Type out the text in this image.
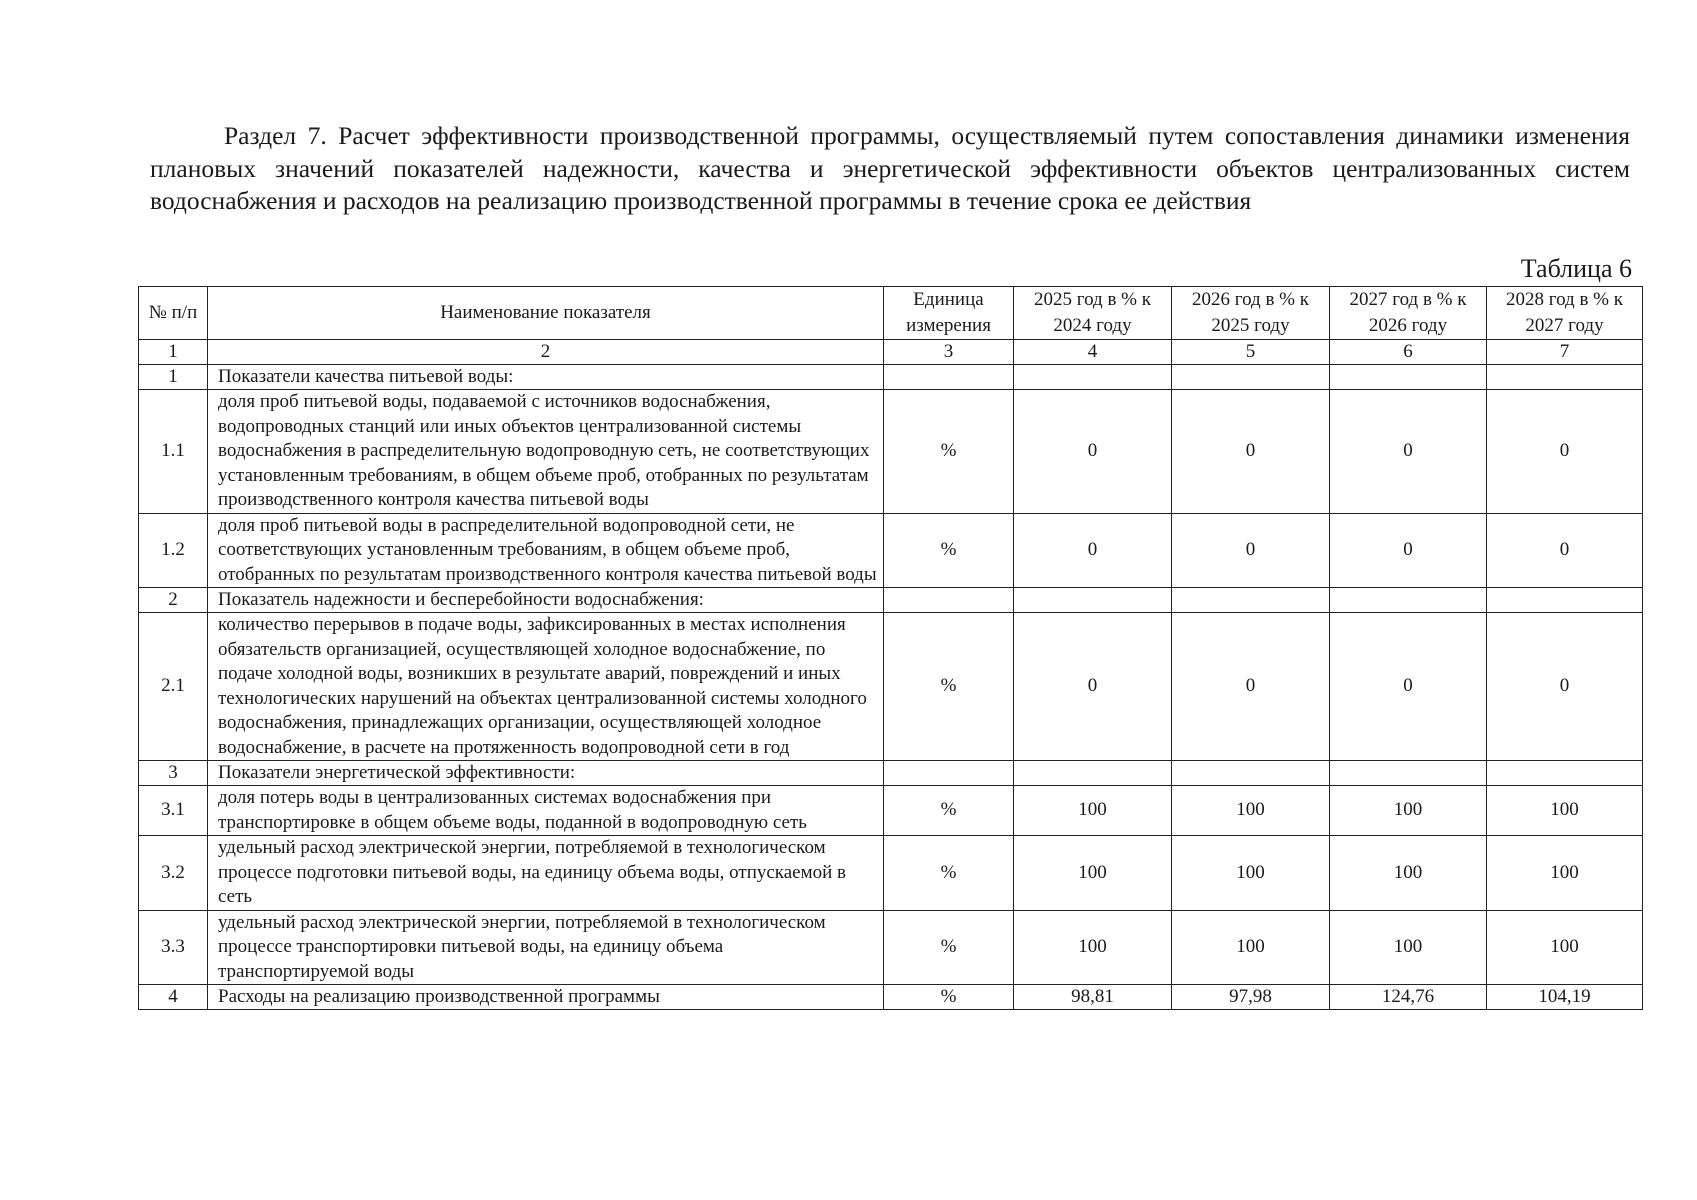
Раздел 7. Расчет эффективности производственной программы, осуществляемый путем сопоставления динамики изменения плановых значений показателей надежности, качества и энергетической эффективности объектов централизованных систем водоснабжения и расходов на реализацию производственной программы в течение срока ее действия

Таблица 6
№ п/п	Наименование показателя	Единица измерения	2025 год в % к 2024 году	2026 год в % к 2025 году	2027 год в % к 2026 году	2028 год в % к 2027 году
1	2	3	4	5	6	7
1	Показатели качества питьевой воды:					
1.1	доля проб питьевой воды, подаваемой с источников водоснабжения, водопроводных станций или иных объектов централизованной системы водоснабжения в распределительную водопроводную сеть, не соответствующих установленным требованиям, в общем объеме проб, отобранных по результатам производственного контроля качества питьевой воды	%	0	0	0	0
1.2	доля проб питьевой воды в распределительной водопроводной сети, не соответствующих установленным требованиям, в общем объеме проб, отобранных по результатам производственного контроля качества питьевой воды	%	0	0	0	0
2	Показатель надежности и бесперебойности водоснабжения:					
2.1	количество перерывов в подаче воды, зафиксированных в местах исполнения обязательств организацией, осуществляющей холодное водоснабжение, по подаче холодной воды, возникших в результате аварий, повреждений и иных технологических нарушений на объектах централизованной системы холодного водоснабжения, принадлежащих организации, осуществляющей холодное водоснабжение, в расчете на протяженность водопроводной сети в год	%	0	0	0	0
3	Показатели энергетической эффективности:					
3.1	доля потерь воды в централизованных системах водоснабжения при транспортировке в общем объеме воды, поданной в водопроводную сеть	%	100	100	100	100
3.2	удельный расход электрической энергии, потребляемой в технологическом процессе подготовки питьевой воды, на единицу объема воды, отпускаемой в сеть	%	100	100	100	100
3.3	удельный расход электрической энергии, потребляемой в технологическом процессе транспортировки питьевой воды, на единицу объема транспортируемой воды	%	100	100	100	100
4	Расходы на реализацию производственной программы	%	98,81	97,98	124,76	104,19
